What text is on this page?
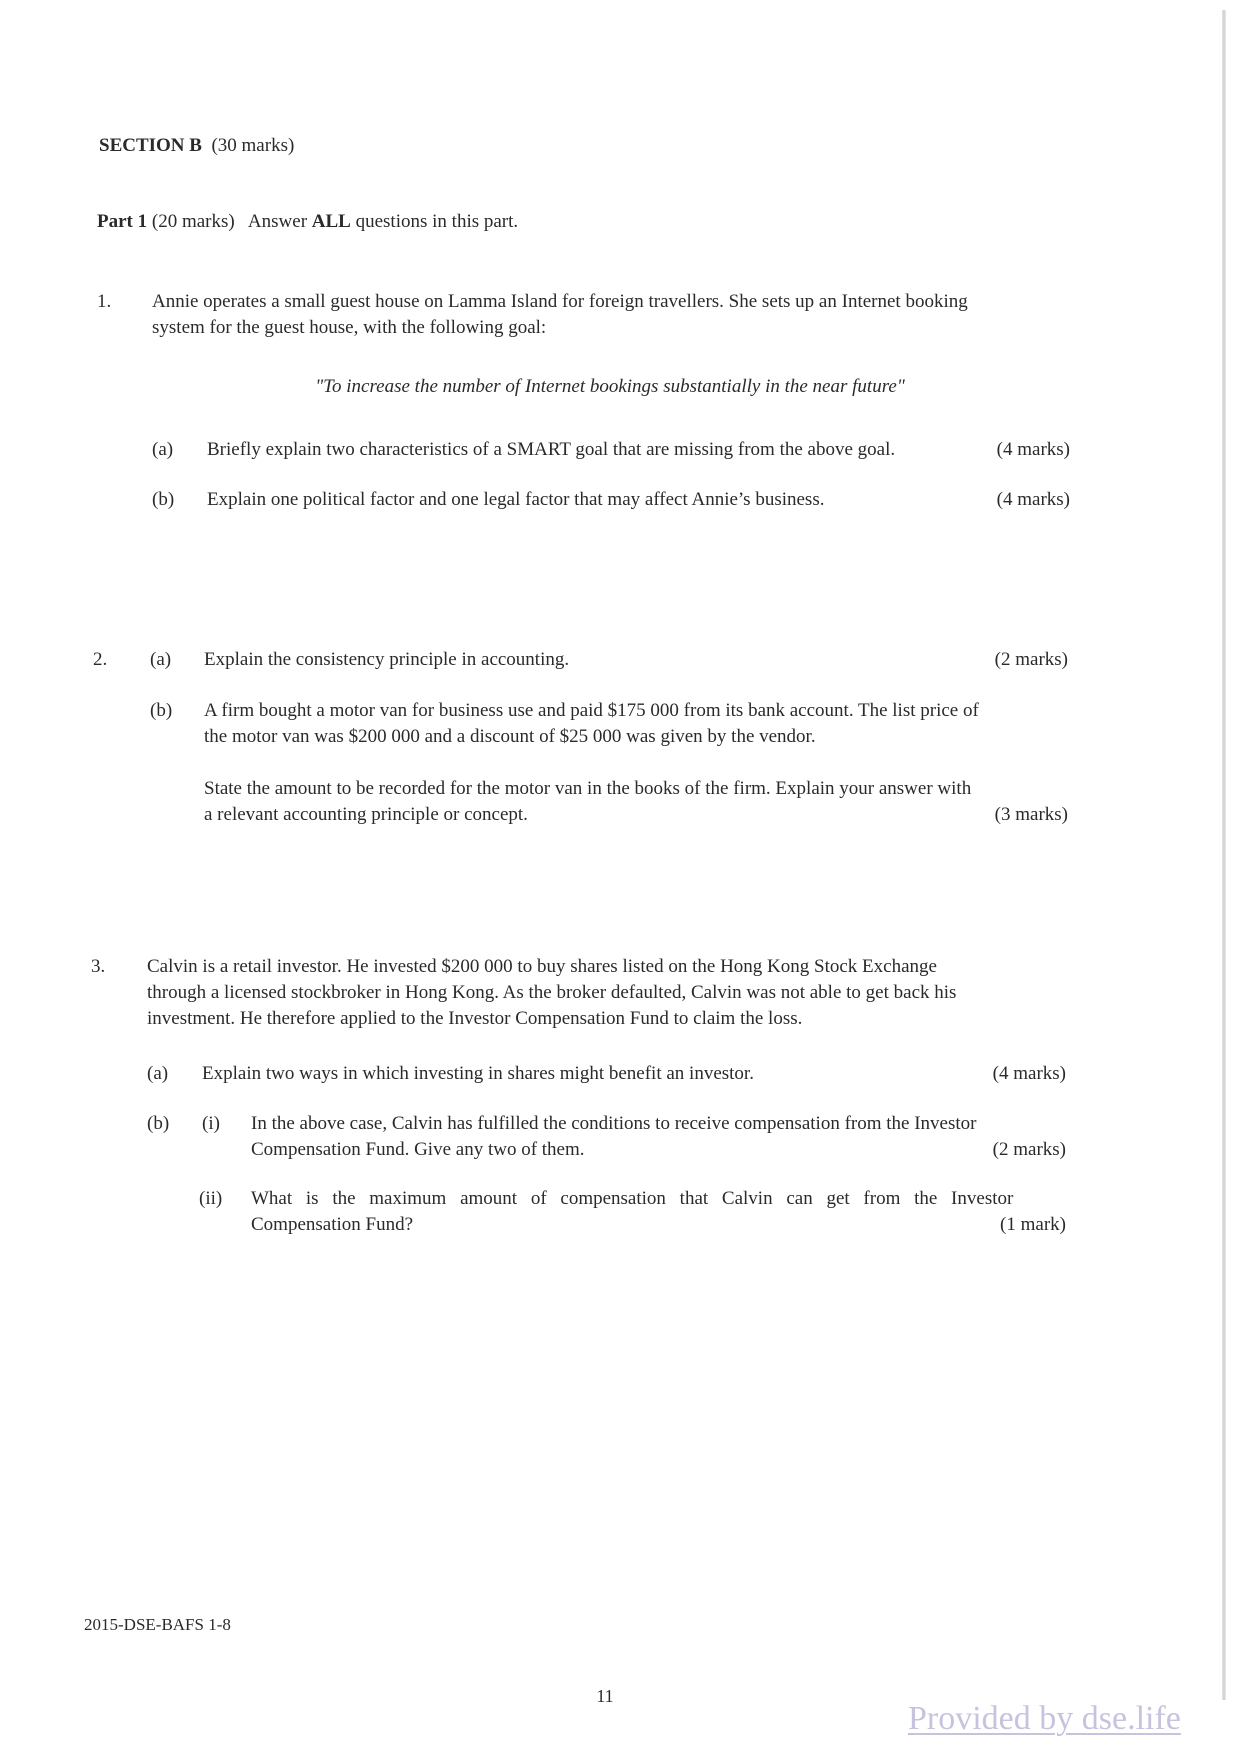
SECTION B (30 marks)
Part 1 (20 marks) Answer ALL questions in this part.
1.	Annie operates a small guest house on Lamma Island for foreign travellers. She sets up an Internet booking
system for the guest house, with the following goal:
"To increase the number of Internet bookings substantially in the near future"
(a) Briefly explain two characteristics of a SMART goal that are missing from the above goal.	(4 marks)
(b) Explain one political factor and one legal factor that may affect Annie’s business.	(4 marks)
2.	(a) Explain the consistency principle in accounting.	(2 marks)
(b) A firm bought a motor van for business use and paid $175 000 from its bank account. The list price of
the motor van was $200 000 and a discount of $25 000 was given by the vendor.
State the amount to be recorded for the motor van in the books of the firm. Explain your answer with
a relevant accounting principle or concept.	(3 marks)
3.	Calvin is a retail investor. He invested $200 000 to buy shares listed on the Hong Kong Stock Exchange
through a licensed stockbroker in Hong Kong. As the broker defaulted, Calvin was not able to get back his
investment. He therefore applied to the Investor Compensation Fund to claim the loss.
(a) Explain two ways in which investing in shares might benefit an investor.	(4 marks)
(b) (i) In the above case, Calvin has fulfilled the conditions to receive compensation from the Investor
Compensation Fund. Give any two of them.	(2 marks)
(ii) What is the maximum amount of compensation that Calvin can get from the Investor
Compensation Fund?	(1 mark)
2015-DSE-BAFS 1-8
11
Provided by dse.life
